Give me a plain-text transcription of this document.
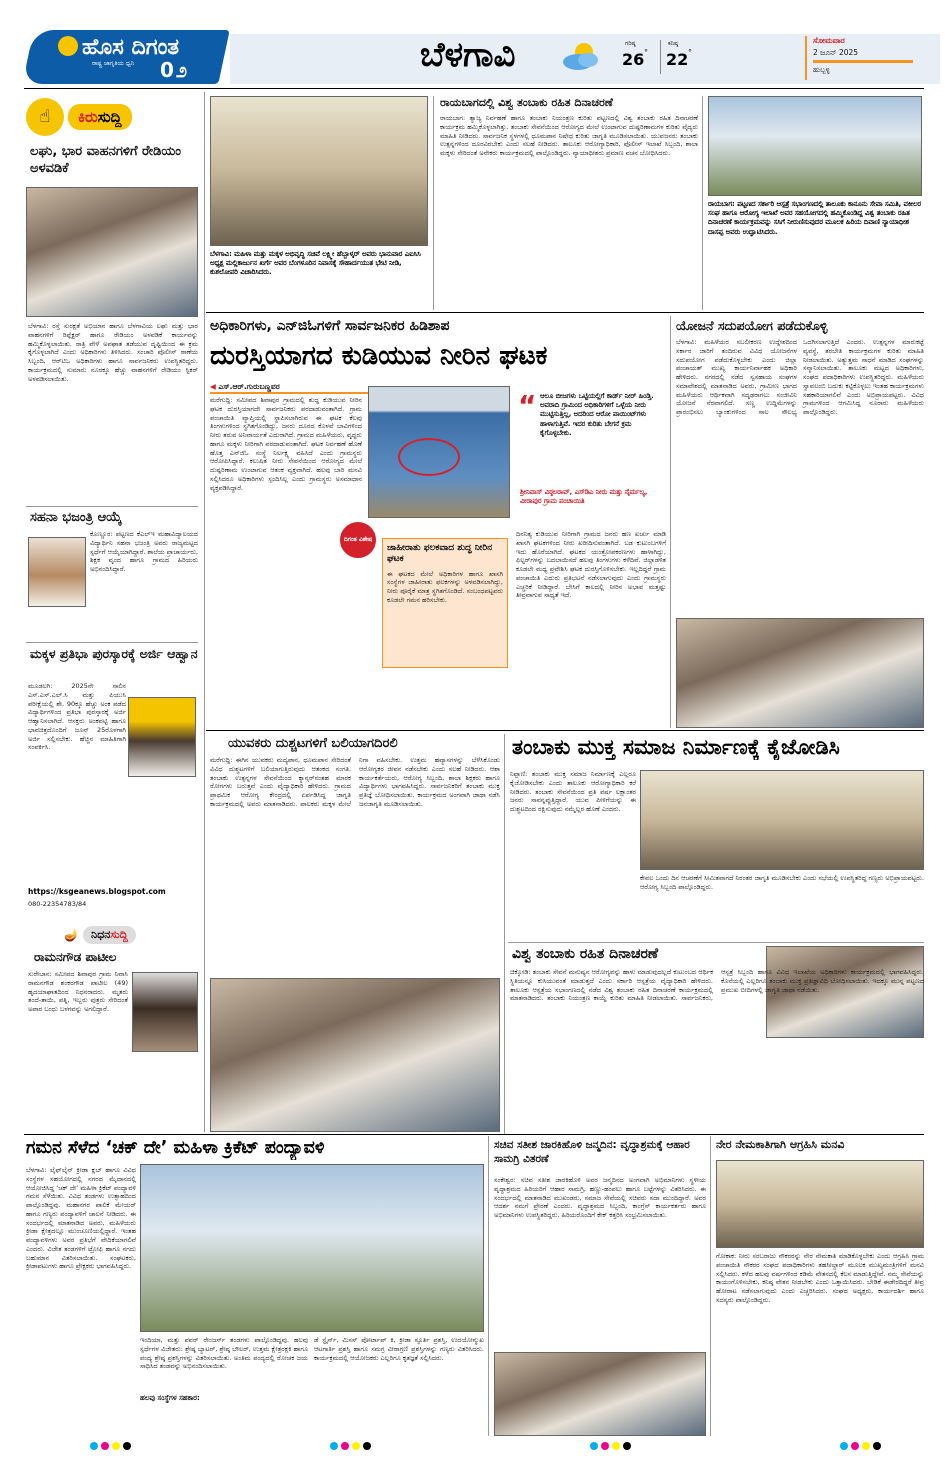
ಹೊಸ ದಿಗಂತ
ರಾಷ್ಟ್ರ ಜಾಗೃತಿಯ ಧ್ವನಿ	0೨	ಬೆಳಗಾವಿ	ಗರಿಷ್ಠ
26 °
ಕನಿಷ್ಠ
22 °
ಸೋಮವಾರ
2 ಜೂನ್ 2025
ಹುಬ್ಬಳ್ಳಿ
☝	ಕಿರುಸುದ್ದಿ
ಲಘು, ಭಾರ ವಾಹನಗಳಿಗೆ ರೇಡಿಯಂ ಅಳವಡಿಕೆ
ಬೆಳಗಾವಿ: ರಸ್ತೆ ಸುರಕ್ಷತೆ ಅಭಿಯಾನ ಹಾಗೂ ಬೆಳಗಾವಿಯ ಲಘು ಮತ್ತು ಭಾರ ವಾಹನಗಳಿಗೆ ರಿಫ್ಲೆಕ್ಟರ್ ಹಾಗೂ ರೇಡಿಯಂ ಅಳವಡಿಕೆ ಕಾರ್ಯವನ್ನು ಹಮ್ಮಿಕೊಳ್ಳಲಾಯಿತು. ರಾತ್ರಿ ವೇಳೆ ಅಪಘಾತ ತಡೆಯುವ ದೃಷ್ಟಿಯಿಂದ ಈ ಕ್ರಮ ಕೈಗೊಳ್ಳಲಾಗಿದೆ ಎಂದು ಅಧಿಕಾರಿಗಳು ತಿಳಿಸಿದರು. ಸಂಚಾರಿ ಪೊಲೀಸ್ ಠಾಣೆಯ ಸಿಬ್ಬಂದಿ, ಆರ್‌ಟಿಒ ಅಧಿಕಾರಿಗಳು ಹಾಗೂ ಸಾರ್ವಜನಿಕರು ಉಪಸ್ಥಿತರಿದ್ದರು. ಕಾರ್ಯಕ್ರಮದಲ್ಲಿ ಸುಮಾರು ನೂರಕ್ಕೂ ಹೆಚ್ಚು ವಾಹನಗಳಿಗೆ ರೇಡಿಯಂ ಸ್ಟಿಕರ್ ಅಳವಡಿಸಲಾಯಿತು.
ಸಹನಾ ಭಜಂತ್ರಿ ಆಯ್ಕೆ
ಕೊಣ್ಣೂರ: ಪಟ್ಟಣದ ಕೆಎಲ್‌ಇ ಮಹಾವಿದ್ಯಾಲಯದ ವಿದ್ಯಾರ್ಥಿನಿ ಸಹನಾ ಭಜಂತ್ರಿ ಅವರು ರಾಜ್ಯಮಟ್ಟದ ಸ್ಪರ್ಧೆಗೆ ಆಯ್ಕೆಯಾಗಿದ್ದಾರೆ. ಶಾಲೆಯ ಪ್ರಾಚಾರ್ಯರು, ಶಿಕ್ಷಕ ವೃಂದ ಹಾಗೂ ಗ್ರಾಮದ ಹಿರಿಯರು ಅಭಿನಂದಿಸಿದ್ದಾರೆ.
ಮಕ್ಕಳ ಪ್ರತಿಭಾ ಪುರಸ್ಕಾರಕ್ಕೆ ಅರ್ಜಿ ಆಹ್ವಾನ
ಮೂಡಲಗಿ: 2025ನೇ ಸಾಲಿನ ಎಸ್.ಎಸ್.ಎಲ್.ಸಿ ಮತ್ತು ಪಿಯುಸಿ ಪರೀಕ್ಷೆಯಲ್ಲಿ ಶೇ. 90ಕ್ಕೂ ಹೆಚ್ಚು ಅಂಕ ಪಡೆದ ವಿದ್ಯಾರ್ಥಿಗಳಿಂದ ಪ್ರತಿಭಾ ಪುರಸ್ಕಾರಕ್ಕೆ ಅರ್ಜಿ ಆಹ್ವಾನಿಸಲಾಗಿದೆ. ಆಸಕ್ತರು ಅಂಕಪಟ್ಟಿ ಹಾಗೂ ಭಾವಚಿತ್ರದೊಂದಿಗೆ ಜೂನ್ 25ರೊಳಗಾಗಿ ಅರ್ಜಿ ಸಲ್ಲಿಸಬೇಕು. ಹೆಚ್ಚಿನ ಮಾಹಿತಿಗಾಗಿ ಸಂಪರ್ಕಿಸಿ.
https://ksgeanews.blogspot.com
080-22354783/84
🪔	ನಿಧನಸುದ್ದಿ
ರಾಮನಗೌಡ ಪಾಟೀಲ
ಸುರೇಬಾನ: ಸಮೀಪದ ಶಿವಾಪುರ ಗ್ರಾಮ ನಿವಾಸಿ ರಾಮನಗೌಡ ಶಂಕರಗೌಡ ಪಾಟೀಲ (49) ಹೃದಯಾಘಾತದಿಂದ ನಿಧನರಾದರು. ಮೃತರು ತಂದೆ-ತಾಯಿ, ಪತ್ನಿ, ಇಬ್ಬರು ಪುತ್ರರು ಸೇರಿದಂತೆ ಅಪಾರ ಬಂಧು ಬಳಗವನ್ನು ಅಗಲಿದ್ದಾರೆ.
ಬೆಳಗಾವಿ: ಮಹಿಳಾ ಮತ್ತು ಮಕ್ಕಳ ಅಭಿವೃದ್ಧಿ ಸಚಿವೆ ಲಕ್ಷ್ಮೀ ಹೆಬ್ಬಾಳ್ಕರ್ ಅವರು ಭಾನುವಾರ ಎಐಸಿಸಿ ಅಧ್ಯಕ್ಷ ಮಲ್ಲಿಕಾರ್ಜುನ ಖರ್ಗೆ ಅವರ ಬೆಂಗಳೂರಿನ ನಿವಾಸಕ್ಕೆ ಸೌಹಾರ್ದಯುತ ಭೇಟಿ ನೀಡಿ, ಕುಶಲೋಪರಿ ವಿಚಾರಿಸಿದರು.
ರಾಯಬಾಗದಲ್ಲಿ ವಿಶ್ವ ತಂಬಾಕು ರಹಿತ ದಿನಾಚರಣೆ
ರಾಯಬಾಗ: ತ್ಯಾಜ್ಯ ನಿರ್ವಹಣೆ ಹಾಗೂ ತಂಬಾಕು ನಿಯಂತ್ರಣ ಕುರಿತು ಪಟ್ಟಣದಲ್ಲಿ ವಿಶ್ವ ತಂಬಾಕು ರಹಿತ ದಿನಾಚರಣೆ ಕಾರ್ಯಕ್ರಮ ಹಮ್ಮಿಕೊಳ್ಳಲಾಗಿತ್ತು. ತಂಬಾಕು ಸೇವನೆಯಿಂದ ಆರೋಗ್ಯದ ಮೇಲೆ ಉಂಟಾಗುವ ದುಷ್ಪರಿಣಾಮಗಳ ಕುರಿತು ವೈದ್ಯರು ಮಾಹಿತಿ ನೀಡಿದರು. ಸಾರ್ವಜನಿಕ ಸ್ಥಳಗಳಲ್ಲಿ ಧೂಮಪಾನ ನಿಷೇಧ ಕುರಿತು ಜಾಗೃತಿ ಮೂಡಿಸಲಾಯಿತು. ಯುವಜನರು ತಂಬಾಕು ಉತ್ಪನ್ನಗಳಿಂದ ದೂರವಿರಬೇಕು ಎಂದು ಸಲಹೆ ನೀಡಿದರು. ತಾಲೂಕು ಆರೋಗ್ಯಾಧಿಕಾರಿ, ಪೊಲೀಸ್ ಇಲಾಖೆ ಸಿಬ್ಬಂದಿ, ಶಾಲಾ ಮಕ್ಕಳು ಸೇರಿದಂತೆ ಅನೇಕರು ಕಾರ್ಯಕ್ರಮದಲ್ಲಿ ಪಾಲ್ಗೊಂಡಿದ್ದರು. ನ್ಯಾಯಾಧೀಶರು ಪ್ರಮಾಣ ವಚನ ಬೋಧಿಸಿದರು.
ರಾಯಬಾಗ: ಪಟ್ಟಣದ ಸರ್ಕಾರಿ ಆಸ್ಪತ್ರೆ ಸಭಾಂಗಣದಲ್ಲಿ ತಾಲೂಕು ಕಾನೂನು ಸೇವಾ ಸಮಿತಿ, ವಕೀಲರ ಸಂಘ ಹಾಗೂ ಆರೋಗ್ಯ ಇಲಾಖೆ ಅವರ ಸಹಯೋಗದಲ್ಲಿ ಹಮ್ಮಿಕೊಂಡಿದ್ದ ವಿಶ್ವ ತಂಬಾಕು ರಹಿತ ದಿನಾಚರಣೆ ಕಾರ್ಯಕ್ರಮವನ್ನು ಸಸಿಗೆ ನೀರುಣಿಸುವುದರ ಮೂಲಕ ಹಿರಿಯ ದಿವಾಣಿ ನ್ಯಾಯಾಧೀಶ ದಾಸಪ್ಪ ಅವರು ಉದ್ಘಾಟಿಸಿದರು.
ಅಧಿಕಾರಿಗಳು, ಎನ್‌ಜಿಓಗಳಿಗೆ ಸಾರ್ವಜನಿಕರ ಹಿಡಿಶಾಪ
ದುರಸ್ತಿಯಾಗದ ಕುಡಿಯುವ ನೀರಿನ ಘಟಕ
◀ ಎಸ್.ಆರ್.ಗುರುಬಣ್ಣವರ
ಮರೆಗುದ್ದಿ: ಸಮೀಪದ ಶಿವಾಪುರ ಗ್ರಾಮದಲ್ಲಿ ಶುದ್ಧ ಕುಡಿಯುವ ನೀರಿನ ಘಟಕ ದುರಸ್ತಿಯಾಗದೇ ಸಾರ್ವಜನಿಕರು ಪರದಾಡುವಂತಾಗಿದೆ. ಗ್ರಾಮ ಪಂಚಾಯಿತಿ ವ್ಯಾಪ್ತಿಯಲ್ಲಿ ಸ್ಥಾಪಿಸಲಾಗಿರುವ ಈ ಘಟಕ ಕೆಲವು ತಿಂಗಳುಗಳಿಂದ ಸ್ಥಗಿತಗೊಂಡಿದ್ದು, ಜನರು ದೂರದ ಕೊಳವೆ ಬಾವಿಗಳಿಂದ ನೀರು ತರುವ ಅನಿವಾರ್ಯತೆ ಎದುರಾಗಿದೆ. ಗ್ರಾಮದ ಮಹಿಳೆಯರು, ವೃದ್ಧರು ಹಾಗೂ ಮಕ್ಕಳು ನೀರಿಗಾಗಿ ಪರದಾಡುವಂತಾಗಿದೆ. ಘಟಕ ನಿರ್ವಹಣೆ ಹೊಣೆ ಹೊತ್ತ ಎನ್‌ಜಿಓ ಸಂಸ್ಥೆ ನಿರ್ಲಕ್ಷ್ಯ ವಹಿಸಿದೆ ಎಂದು ಗ್ರಾಮಸ್ಥರು ಆರೋಪಿಸಿದ್ದಾರೆ. ಕಲುಷಿತ ನೀರು ಸೇವನೆಯಿಂದ ಆರೋಗ್ಯದ ಮೇಲೆ ದುಷ್ಪರಿಣಾಮ ಉಂಟಾಗುವ ಆತಂಕ ವ್ಯಕ್ತವಾಗಿದೆ. ಹಲವು ಬಾರಿ ಮನವಿ ಸಲ್ಲಿಸಿದರೂ ಅಧಿಕಾರಿಗಳು ಸ್ಪಂದಿಸಿಲ್ಲ ಎಂದು ಗ್ರಾಮಸ್ಥರು ಅಸಮಾಧಾನ ವ್ಯಕ್ತಪಡಿಸಿದ್ದಾರೆ.
ದಿಗಂತ ವಿಶೇಷ
“ ಆಲೂ ಬೀಜಗಳು ಒಟ್ಟಿಯಲ್ಲಿಗೆ ಕಾರ್ಡ್ ನೀರ್ ಹಿಂಡ್ತಿ. ಅವರಾದಿ ಗ್ರಾಮಿಂದ ಅಧಿಕಾರಿಗಳಿಗೆ ಒಳ್ಳೆಯ ನೀರು ಮುಟ್ಟಿಸುತ್ತಿಲ್ಲ, ಅದರಿಂದ ಆರೋ ಪಾಯಿಂಟ್‌ಗಳು ಹಾಳಾಗುತ್ತಿವೆ. ಇದರ ಕುರಿತು ಬೇಗನೆ ಕ್ರಮ ಕೈಗೊಳ್ಳಬೇಕು.
ಶ್ರೀನಿವಾಸ್ ವಿಠ್ಠಲರಾವ್, ಎಸ್‌ಡಿಎ ನೀರು ಮತ್ತು ನೈರ್ಮಲ್ಯ, ವೀರಾಪುರ ಗ್ರಾಮ ಪಂಚಾಯಿತಿ
ಜಾಹೀರಾತು ಫಲಕವಾದ ಶುದ್ಧ ನೀರಿನ ಘಟಕ
ಈ ಘಟಕದ ಮೇಲೆ ಅಧಿಕಾರಿಗಳ ಹಾಗೂ ಖಾಸಗಿ ಸಂಸ್ಥೆಗಳ ಜಾಹೀರಾತು ಫಲಕಗಳನ್ನು ಅಳವಡಿಸಲಾಗಿದ್ದು, ನೀರು ಪೂರೈಕೆ ಮಾತ್ರ ಸ್ಥಗಿತಗೊಂಡಿದೆ. ಸಂಬಂಧಪಟ್ಟವರು ಕೂಡಲೇ ಗಮನ ಹರಿಸಬೇಕು.
ದಿನನಿತ್ಯ ಕುಡಿಯುವ ನೀರಿಗಾಗಿ ಗ್ರಾಮದ ಜನರು ಹಣ ಖರ್ಚು ಮಾಡಿ ಖಾಸಗಿ ಘಟಕಗಳಿಂದ ನೀರು ಖರೀದಿಸುವಂತಾಗಿದೆ. ಬಡ ಕುಟುಂಬಗಳಿಗೆ ಇದು ಹೊರೆಯಾಗಿದೆ. ಘಟಕದ ಯಂತ್ರೋಪಕರಣಗಳು ಹಾಳಾಗಿದ್ದು, ಫಿಲ್ಟರ್‌ಗಳನ್ನು ಬದಲಾಯಿಸದೆ ಹಲವು ತಿಂಗಳುಗಳು ಕಳೆದಿವೆ. ಜಿಲ್ಲಾಡಳಿತ ಕೂಡಲೇ ಮಧ್ಯ ಪ್ರವೇಶಿಸಿ ಘಟಕ ದುರಸ್ತಿಗೊಳಿಸಬೇಕು. ಇಲ್ಲದಿದ್ದರೆ ಗ್ರಾಮ ಪಂಚಾಯಿತಿ ಎದುರು ಪ್ರತಿಭಟನೆ ನಡೆಸಲಾಗುವುದು ಎಂದು ಗ್ರಾಮಸ್ಥರು ಎಚ್ಚರಿಕೆ ನೀಡಿದ್ದಾರೆ. ಬೇಸಿಗೆ ಕಾಲದಲ್ಲಿ ನೀರಿನ ಅಭಾವ ಮತ್ತಷ್ಟು ತೀವ್ರವಾಗುವ ಸಾಧ್ಯತೆ ಇದೆ.
ಯೋಜನೆ ಸದುಪಯೋಗ ಪಡೆದುಕೊಳ್ಳಿ
ಬೆಳಗಾವಿ: ಮಹಿಳೆಯರ ಸಬಲೀಕರಣ ಉದ್ದೇಶದಿಂದ ಸರ್ಕಾರ ಜಾರಿಗೆ ತಂದಿರುವ ವಿವಿಧ ಯೋಜನೆಗಳ ಸದುಪಯೋಗ ಪಡೆದುಕೊಳ್ಳಬೇಕು ಎಂದು ಜಿಲ್ಲಾ ಪಂಚಾಯತ್ ಮುಖ್ಯ ಕಾರ್ಯನಿರ್ವಾಹಕ ಅಧಿಕಾರಿ ಹೇಳಿದರು. ನಗರದಲ್ಲಿ ನಡೆದ ಸ್ವಸಹಾಯ ಸಂಘಗಳ ಸಮಾವೇಶದಲ್ಲಿ ಮಾತನಾಡಿದ ಅವರು, ಗ್ರಾಮೀಣ ಭಾಗದ ಮಹಿಳೆಯರು ಆರ್ಥಿಕವಾಗಿ ಸದೃಢರಾಗಲು ಸಂಜೀವಿನಿ ಯೋಜನೆ ನೆರವಾಗಲಿದೆ. ಸಣ್ಣ ಉದ್ದಿಮೆಗಳನ್ನು ಪ್ರಾರಂಭಿಸಲು ಬ್ಯಾಂಕುಗಳಿಂದ ಸಾಲ ಸೌಲಭ್ಯ ಒದಗಿಸಲಾಗುತ್ತಿದೆ ಎಂದರು. ಉತ್ಪನ್ನಗಳ ಮಾರುಕಟ್ಟೆ ವ್ಯವಸ್ಥೆ, ತರಬೇತಿ ಕಾರ್ಯಕ್ರಮಗಳ ಕುರಿತು ಮಾಹಿತಿ ನೀಡಲಾಯಿತು. ಅತ್ಯುತ್ತಮ ಸಾಧನೆ ಮಾಡಿದ ಸಂಘಗಳನ್ನು ಸನ್ಮಾನಿಸಲಾಯಿತು. ತಾಲೂಕು ಮಟ್ಟದ ಅಧಿಕಾರಿಗಳು, ಸಂಘದ ಪದಾಧಿಕಾರಿಗಳು ಉಪಸ್ಥಿತರಿದ್ದರು. ಮಹಿಳೆಯರು ಸ್ವಾವಲಂಬಿ ಬದುಕು ಕಟ್ಟಿಕೊಳ್ಳಲು ಇಂತಹ ಕಾರ್ಯಕ್ರಮಗಳು ಸಹಕಾರಿಯಾಗಲಿವೆ ಎಂದು ಅಭಿಪ್ರಾಯಪಟ್ಟರು. ವಿವಿಧ ಗ್ರಾಮಗಳಿಂದ ಆಗಮಿಸಿದ್ದ ನೂರಾರು ಮಹಿಳೆಯರು ಪಾಲ್ಗೊಂಡಿದ್ದರು.
ಯುವಕರು ದುಶ್ಚಟಗಳಿಗೆ ಬಲಿಯಾಗದಿರಲಿ
ಮರೆಗುದ್ದಿ: ಈಗಿನ ಯುವಕರು ಮದ್ಯಪಾನ, ಧೂಮಪಾನ ಸೇರಿದಂತೆ ವಿವಿಧ ದುಶ್ಚಟಗಳಿಗೆ ಬಲಿಯಾಗುತ್ತಿರುವುದು ಆತಂಕದ ಸಂಗತಿ. ತಂಬಾಕು ಉತ್ಪನ್ನಗಳ ಸೇವನೆಯಿಂದ ಕ್ಯಾನ್ಸರ್‌ನಂತಹ ಮಾರಕ ರೋಗಗಳು ಬರುತ್ತವೆ ಎಂದು ವೈದ್ಯಾಧಿಕಾರಿ ಹೇಳಿದರು. ಗ್ರಾಮದ ಪ್ರಾಥಮಿಕ ಆರೋಗ್ಯ ಕೇಂದ್ರದಲ್ಲಿ ಏರ್ಪಡಿಸಿದ್ದ ಜಾಗೃತಿ ಕಾರ್ಯಕ್ರಮದಲ್ಲಿ ಅವರು ಮಾತನಾಡಿದರು. ಪಾಲಕರು ಮಕ್ಕಳ ಮೇಲೆ ನಿಗಾ ವಹಿಸಬೇಕು. ಉತ್ತಮ ಹವ್ಯಾಸಗಳನ್ನು ಬೆಳೆಸಿಕೊಂಡು ಆರೋಗ್ಯಕರ ಜೀವನ ನಡೆಸಬೇಕು ಎಂದು ಸಲಹೆ ನೀಡಿದರು. ಆಶಾ ಕಾರ್ಯಕರ್ತೆಯರು, ಆರೋಗ್ಯ ಸಿಬ್ಬಂದಿ, ಶಾಲಾ ಶಿಕ್ಷಕರು ಹಾಗೂ ವಿದ್ಯಾರ್ಥಿಗಳು ಭಾಗವಹಿಸಿದ್ದರು. ಸಾರ್ವಜನಿಕರಿಗೆ ತಂಬಾಕು ಮುಕ್ತ ಪ್ರತಿಜ್ಞೆ ಬೋಧಿಸಲಾಯಿತು. ಕಾರ್ಯಕ್ರಮದ ಅಂಗವಾಗಿ ಜಾಥಾ ನಡೆಸಿ ಜನಜಾಗೃತಿ ಮೂಡಿಸಲಾಯಿತು.
ತಂಬಾಕು ಮುಕ್ತ ಸಮಾಜ ನಿರ್ಮಾಣಕ್ಕೆ ಕೈಜೋಡಿಸಿ
ನಿಪ್ಪಾಣಿ: ತಂಬಾಕು ಮುಕ್ತ ಸಮಾಜ ನಿರ್ಮಾಣಕ್ಕೆ ಎಲ್ಲರೂ ಕೈಜೋಡಿಸಬೇಕು ಎಂದು ತಾಲೂಕು ಆರೋಗ್ಯಾಧಿಕಾರಿ ಕರೆ ನೀಡಿದರು. ತಂಬಾಕು ಸೇವನೆಯಿಂದ ಪ್ರತಿ ವರ್ಷ ಲಕ್ಷಾಂತರ ಜನರು ಸಾವನ್ನಪ್ಪುತ್ತಿದ್ದಾರೆ. ಯುವ ಪೀಳಿಗೆಯನ್ನು ಈ ದುಶ್ಚಟದಿಂದ ರಕ್ಷಿಸುವುದು ನಮ್ಮೆಲ್ಲರ ಹೊಣೆ ಎಂದರು.
ಕೇವಲ ಒಂದು ದಿನ ಆಚರಣೆಗೆ ಸೀಮಿತವಾಗದೆ ನಿರಂತರ ಜಾಗೃತಿ ಮೂಡಿಸಬೇಕು ಎಂದು ಸಭೆಯಲ್ಲಿ ಉಪಸ್ಥಿತರಿದ್ದ ಗಣ್ಯರು ಅಭಿಪ್ರಾಯಪಟ್ಟರು. ಆರೋಗ್ಯ ಸಿಬ್ಬಂದಿ ಪಾಲ್ಗೊಂಡಿದ್ದರು.
ವಿಶ್ವ ತಂಬಾಕು ರಹಿತ ದಿನಾಚರಣೆ
ಚಿಕ್ಕೋಡಿ: ತಂಬಾಕು ಸೇವನೆ ಮನುಷ್ಯನ ಆರೋಗ್ಯವನ್ನು ಹಾಳು ಮಾಡುವುದಲ್ಲದೆ ಕುಟುಂಬದ ಆರ್ಥಿಕ ಸ್ಥಿತಿಯನ್ನೂ ಕುಸಿಯುವಂತೆ ಮಾಡುತ್ತದೆ ಎಂದು ಸರ್ಕಾರಿ ಆಸ್ಪತ್ರೆಯ ವೈದ್ಯಾಧಿಕಾರಿ ಹೇಳಿದರು. ತಾಲೂಕು ಆಸ್ಪತ್ರೆಯ ಸಭಾಂಗಣದಲ್ಲಿ ನಡೆದ ವಿಶ್ವ ತಂಬಾಕು ರಹಿತ ದಿನಾಚರಣೆ ಕಾರ್ಯಕ್ರಮದಲ್ಲಿ ಮಾತನಾಡಿದರು. ತಂಬಾಕು ನಿಯಂತ್ರಣ ಕಾಯ್ದೆ ಕುರಿತು ಮಾಹಿತಿ ನೀಡಲಾಯಿತು. ಸಾರ್ವಜನಿಕರು, ಆಸ್ಪತ್ರೆ ಸಿಬ್ಬಂದಿ ಹಾಗೂ ವಿವಿಧ ಇಲಾಖೆಯ ಅಧಿಕಾರಿಗಳು ಕಾರ್ಯಕ್ರಮದಲ್ಲಿ ಭಾಗವಹಿಸಿದ್ದರು. ಕೊನೆಯಲ್ಲಿ ಎಲ್ಲರಿಗೂ ತಂಬಾಕು ಮುಕ್ತ ಪ್ರತಿಜ್ಞಾವಿಧಿ ಬೋಧಿಸಲಾಯಿತು. ಇದಕ್ಕೂ ಮುನ್ನ ಪಟ್ಟಣದ ಪ್ರಮುಖ ಬೀದಿಗಳಲ್ಲಿ ಜಾಗೃತಿ ಜಾಥಾ ನಡೆಯಿತು.
ಗಮನ ಸೆಳೆದ ‘ಚಕ್ ದೇ’ ಮಹಿಳಾ ಕ್ರಿಕೆಟ್ ಪಂದ್ಯಾವಳಿ
ಬೆಳಗಾವಿ: ಲೈಫ್‌ಲೈನ್ ಕ್ರೀಡಾ ಕ್ಲಬ್ ಹಾಗೂ ವಿವಿಧ ಸಂಸ್ಥೆಗಳ ಸಹಯೋಗದಲ್ಲಿ ನಗರದ ಮೈದಾನದಲ್ಲಿ ಆಯೋಜಿಸಿದ್ದ ‘ಚಕ್ ದೇ’ ಮಹಿಳಾ ಕ್ರಿಕೆಟ್ ಪಂದ್ಯಾವಳಿ ಗಮನ ಸೆಳೆಯಿತು. ವಿವಿಧ ತಂಡಗಳು ಉತ್ಸಾಹದಿಂದ ಪಾಲ್ಗೊಂಡಿದ್ದವು. ಮಹಾನಗರ ಪಾಲಿಕೆ ಮೇಯರ್ ಹಾಗೂ ಗಣ್ಯರು ಪಂದ್ಯಾವಳಿಗೆ ಚಾಲನೆ ನೀಡಿದರು. ಈ ಸಂದರ್ಭದಲ್ಲಿ ಮಾತನಾಡಿದ ಅವರು, ಮಹಿಳೆಯರು ಕ್ರೀಡಾ ಕ್ಷೇತ್ರದಲ್ಲೂ ಮುಂಚೂಣಿಯಲ್ಲಿದ್ದಾರೆ. ಇಂತಹ ಪಂದ್ಯಾವಳಿಗಳು ಅವರ ಪ್ರತಿಭೆಗೆ ವೇದಿಕೆಯಾಗಲಿವೆ ಎಂದರು. ವಿಜೇತ ತಂಡಗಳಿಗೆ ಟ್ರೋಫಿ ಹಾಗೂ ನಗದು ಬಹುಮಾನ ವಿತರಿಸಲಾಯಿತು. ಸಂಘಟಕರು, ಕ್ರೀಡಾಪಟುಗಳು ಹಾಗೂ ಪ್ರೇಕ್ಷಕರು ಭಾಗವಹಿಸಿದ್ದರು.
ಇಂದಿಯಾ, ಮತ್ತು ಪವರ್ ರೇಂಜರ್ಸ್ ತಂಡಗಳು ಪಾಲ್ಗೊಂಡಿದ್ದವು. ಹಲವು ಸ್ಪರ್ಧೆಗಳ ವಿಜೇತರು: ಶ್ರೇಷ್ಠ ಬ್ಯಾಟರ್, ಶ್ರೇಷ್ಠ ಬೌಲರ್, ಉತ್ತಮ ಕ್ಷೇತ್ರರಕ್ಷಕಿ ಹಾಗೂ ಪಂದ್ಯ ಶ್ರೇಷ್ಠ ಪ್ರಶಸ್ತಿಗಳನ್ನು ವಿತರಿಸಲಾಯಿತು. ಅಂತಿಮ ಪಂದ್ಯದಲ್ಲಿ ರೋಚಕ ಜಯ ಸಾಧಿಸಿದ ತಂಡವನ್ನು ಅಭಿನಂದಿಸಲಾಯಿತು.
ಹಲವು ಸಂಸ್ಥೆಗಳ ಸಹಕಾರ:
ಡೆ ಸ್ಟೈರ್ಸ್, ಮಿಸಸ್ ಪೋರ್ಟಾಪ್ ಕಿ, ಕ್ರೀಡಾ ಸ್ಫೂರ್ತಿ ಪ್ರಶಸ್ತಿ, ಉದಯೋನ್ಮುಖ ಆಟಗಾರ್ತಿ ಪ್ರಶಸ್ತಿ ಹಾಗೂ ಸಮಗ್ರ ವೀರಾಗ್ರಣಿ ಪ್ರಶಸ್ತಿಗಳನ್ನು ಗಣ್ಯರು ವಿತರಿಸಿದರು. ಕಾರ್ಯಕ್ರಮದಲ್ಲಿ ಆಯೋಜಕರು ಎಲ್ಲರಿಗೂ ಕೃತಜ್ಞತೆ ಸಲ್ಲಿಸಿದರು.
ಸಚಿವ ಸತೀಶ ಜಾರಕಿಹೊಳಿ ಜನ್ಮದಿನ: ವೃದ್ಧಾಶ್ರಮಕ್ಕೆ ಆಹಾರ ಸಾಮಗ್ರಿ ವಿತರಣೆ
ಸಂಕೇಶ್ವರ: ಸಚಿವ ಸತೀಶ ಜಾರಕಿಹೊಳಿ ಅವರ ಜನ್ಮದಿನದ ಅಂಗವಾಗಿ ಅಭಿಮಾನಿಗಳು ಸ್ಥಳೀಯ ವೃದ್ಧಾಶ್ರಮದ ಹಿರಿಯರಿಗೆ ಆಹಾರ ಸಾಮಗ್ರಿ, ಹಣ್ಣು-ಹಂಪಲು ಹಾಗೂ ಬಟ್ಟೆಗಳನ್ನು ವಿತರಿಸಿದರು. ಈ ಸಂದರ್ಭದಲ್ಲಿ ಮಾತನಾಡಿದ ಮುಖಂಡರು, ಸಮಾಜ ಸೇವೆಯಲ್ಲಿ ಸಚಿವರು ಸದಾ ಮುಂದಿದ್ದಾರೆ. ಅವರ ಆದರ್ಶ ನಮಗೆ ಪ್ರೇರಣೆ ಎಂದರು. ವೃದ್ಧಾಶ್ರಮದ ಸಿಬ್ಬಂದಿ, ಕಾಂಗ್ರೆಸ್ ಕಾರ್ಯಕರ್ತರು ಹಾಗೂ ಅಭಿಮಾನಿಗಳು ಉಪಸ್ಥಿತರಿದ್ದರು. ಹಿರಿಯರೊಂದಿಗೆ ಕೇಕ್ ಕತ್ತರಿಸಿ ಸಂಭ್ರಮಿಸಲಾಯಿತು.
ನೇರ ನೇಮಕಾತಿಗಾಗಿ ಆಗ್ರಹಿಸಿ ಮನವಿ
ಗೋಕಾಕ: ನೀರು ಸರಬರಾಜು ನೌಕರರನ್ನು ನೇರ ನೇಮಕಾತಿ ಮಾಡಿಕೊಳ್ಳಬೇಕು ಎಂದು ಆಗ್ರಹಿಸಿ ಗ್ರಾಮ ಪಂಚಾಯಿತಿ ನೌಕರರ ಸಂಘದ ಪದಾಧಿಕಾರಿಗಳು ತಹಸೀಲ್ದಾರ್ ಮೂಲಕ ಮುಖ್ಯಮಂತ್ರಿಗಳಿಗೆ ಮನವಿ ಸಲ್ಲಿಸಿದರು. ಕಳೆದ ಹಲವು ವರ್ಷಗಳಿಂದ ಕಡಿಮೆ ವೇತನದಲ್ಲಿ ಕೆಲಸ ಮಾಡುತ್ತಿದ್ದೇವೆ. ನಮ್ಮ ಸೇವೆಯನ್ನು ಕಾಯಂಗೊಳಿಸಬೇಕು, ಕನಿಷ್ಠ ವೇತನ ನೀಡಬೇಕು ಎಂದು ಒತ್ತಾಯಿಸಿದರು. ಬೇಡಿಕೆ ಈಡೇರದಿದ್ದರೆ ತೀವ್ರ ಹೋರಾಟ ನಡೆಸಲಾಗುವುದು ಎಂದು ಎಚ್ಚರಿಸಿದರು. ಸಂಘದ ಅಧ್ಯಕ್ಷರು, ಕಾರ್ಯದರ್ಶಿ ಹಾಗೂ ಸದಸ್ಯರು ಪಾಲ್ಗೊಂಡಿದ್ದರು.
